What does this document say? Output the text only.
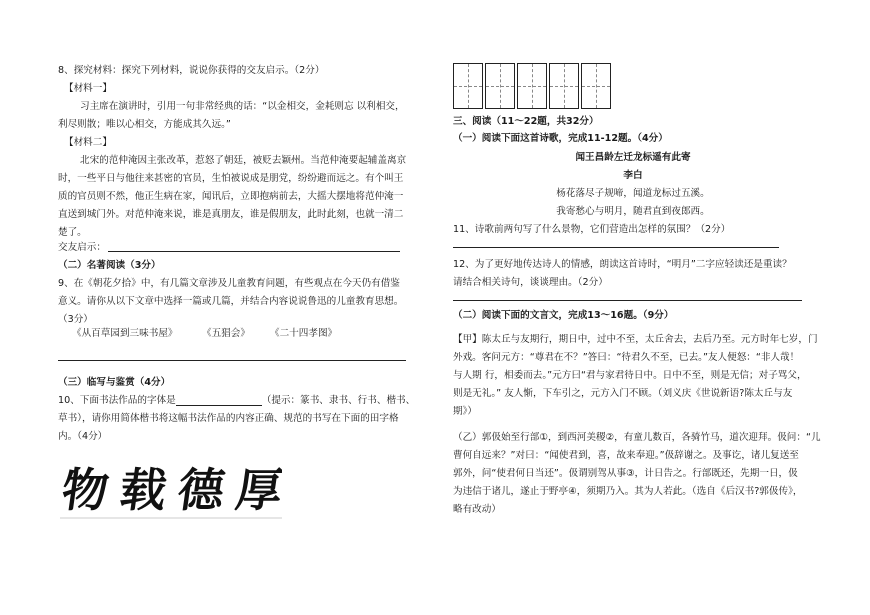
8、探究材料：探究下列材料，说说你获得的交友启示。（2分）
【材料一】
习主席在演讲时，引用一句非常经典的话：“以金相交，金耗则忘 以利相交，
利尽则散；唯以心相交，方能成其久远。”
【材料二】
北宋的范仲淹因主张改革，惹怒了朝廷，被贬去颖州。当范仲淹要起辅盖离京
时，一些平日与他往来甚密的官员，生怕被说成是朋党，纷纷避而远之。有个叫王
质的官员则不然，他正生病在家，闻讯后，立即抱病前去，大摇大摆地将范仲淹一
直送到城门外。对范仲淹来说，谁是真朋友，谁是假朋友，此时此刻，也就一清二
楚了。
交友启示：
（二）名著阅读（3分）
9、在《朝花夕拾》中，有几篇文章涉及儿童教育问题，有些观点在今天仍有借鉴
意义。请你从以下文章中选择一篇或几篇，并结合内容说说鲁迅的儿童教育思想。
（3分）
《从百草园到三味书屋》	《五猖会》 《二十四孝图》
（三）临写与鉴赏（4分）
10、下面书法作品的字体是	（提示：篆书、隶书、行书、楷书、
草书），请你用简体楷书将这幅书法作品的内容正确、规范的书写在下面的田字格
内。（4分）
物 载 德 厚
三、阅读（11～22题，共32分）
（一）阅读下面这首诗歌，完成11-12题。（4分）
闻王昌龄左迁龙标遥有此寄
李白
杨花落尽子规啼，闻道龙标过五溪。
我寄愁心与明月，随君直到夜郎西。
11、诗歌前两句写了什么景物，它们营造出怎样的氛围？（2分）
12、为了更好地传达诗人的情感，朗读这首诗时，“明月”二字应轻读还是重读？
请结合相关诗句，谈谈理由。（2分）
（二）阅读下面的文言文，完成13～16题。（9分）
【甲】陈太丘与友期行，期日中，过中不至，太丘舍去，去后乃至。元方时年七岁，门
外戏。客问元方：“尊君在不？”答曰：“待君久不至，已去。”友人便怒：“非人哉！
与人期 行，相委而去。”元方曰“君与家君待日中。日中不至，则是无信；对子骂父，
则是无礼。” 友人惭，下车引之，元方入门不顾。（刘义庆《世说新语?陈太丘与友
期》）
（乙）郭伋始至行部①，到西河美稷②，有童儿数百，各骑竹马，道次迎拜。伋问：“儿
曹何自远来？”对曰：“闻使君到，喜，故来奉迎。”伋辞谢之。及事讫，诸儿复送至
郭外，问“使君何日当还”。伋谓别驾从事③，计日告之。行部既还，先期一日，伋
为违信于诸儿，遂止于野亭④，须期乃入。其为人若此。（选自《后汉书?郭伋传》，
略有改动）
